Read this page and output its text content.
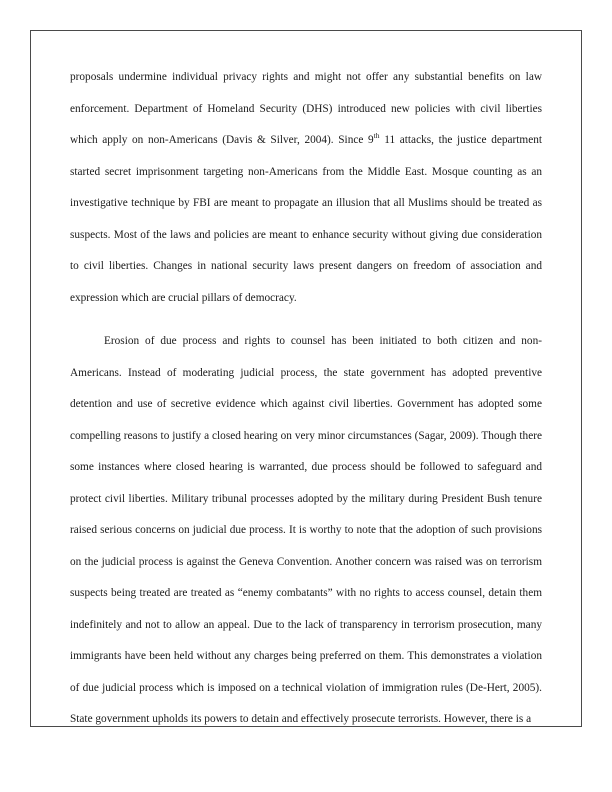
proposals undermine individual privacy rights and might not offer any substantial benefits on law enforcement. Department of Homeland Security (DHS) introduced new policies with civil liberties which apply on non-Americans (Davis & Silver, 2004). Since 9th 11 attacks, the justice department started secret imprisonment targeting non-Americans from the Middle East. Mosque counting as an investigative technique by FBI are meant to propagate an illusion that all Muslims should be treated as suspects. Most of the laws and policies are meant to enhance security without giving due consideration to civil liberties. Changes in national security laws present dangers on freedom of association and expression which are crucial pillars of democracy.

Erosion of due process and rights to counsel has been initiated to both citizen and non-Americans. Instead of moderating judicial process, the state government has adopted preventive detention and use of secretive evidence which against civil liberties. Government has adopted some compelling reasons to justify a closed hearing on very minor circumstances (Sagar, 2009). Though there some instances where closed hearing is warranted, due process should be followed to safeguard and protect civil liberties. Military tribunal processes adopted by the military during President Bush tenure raised serious concerns on judicial due process. It is worthy to note that the adoption of such provisions on the judicial process is against the Geneva Convention. Another concern was raised was on terrorism suspects being treated are treated as “enemy combatants” with no rights to access counsel, detain them indefinitely and not to allow an appeal. Due to the lack of transparency in terrorism prosecution, many immigrants have been held without any charges being preferred on them. This demonstrates a violation of due judicial process which is imposed on a technical violation of immigration rules (De-Hert, 2005). State government upholds its powers to detain and effectively prosecute terrorists. However, there is a
